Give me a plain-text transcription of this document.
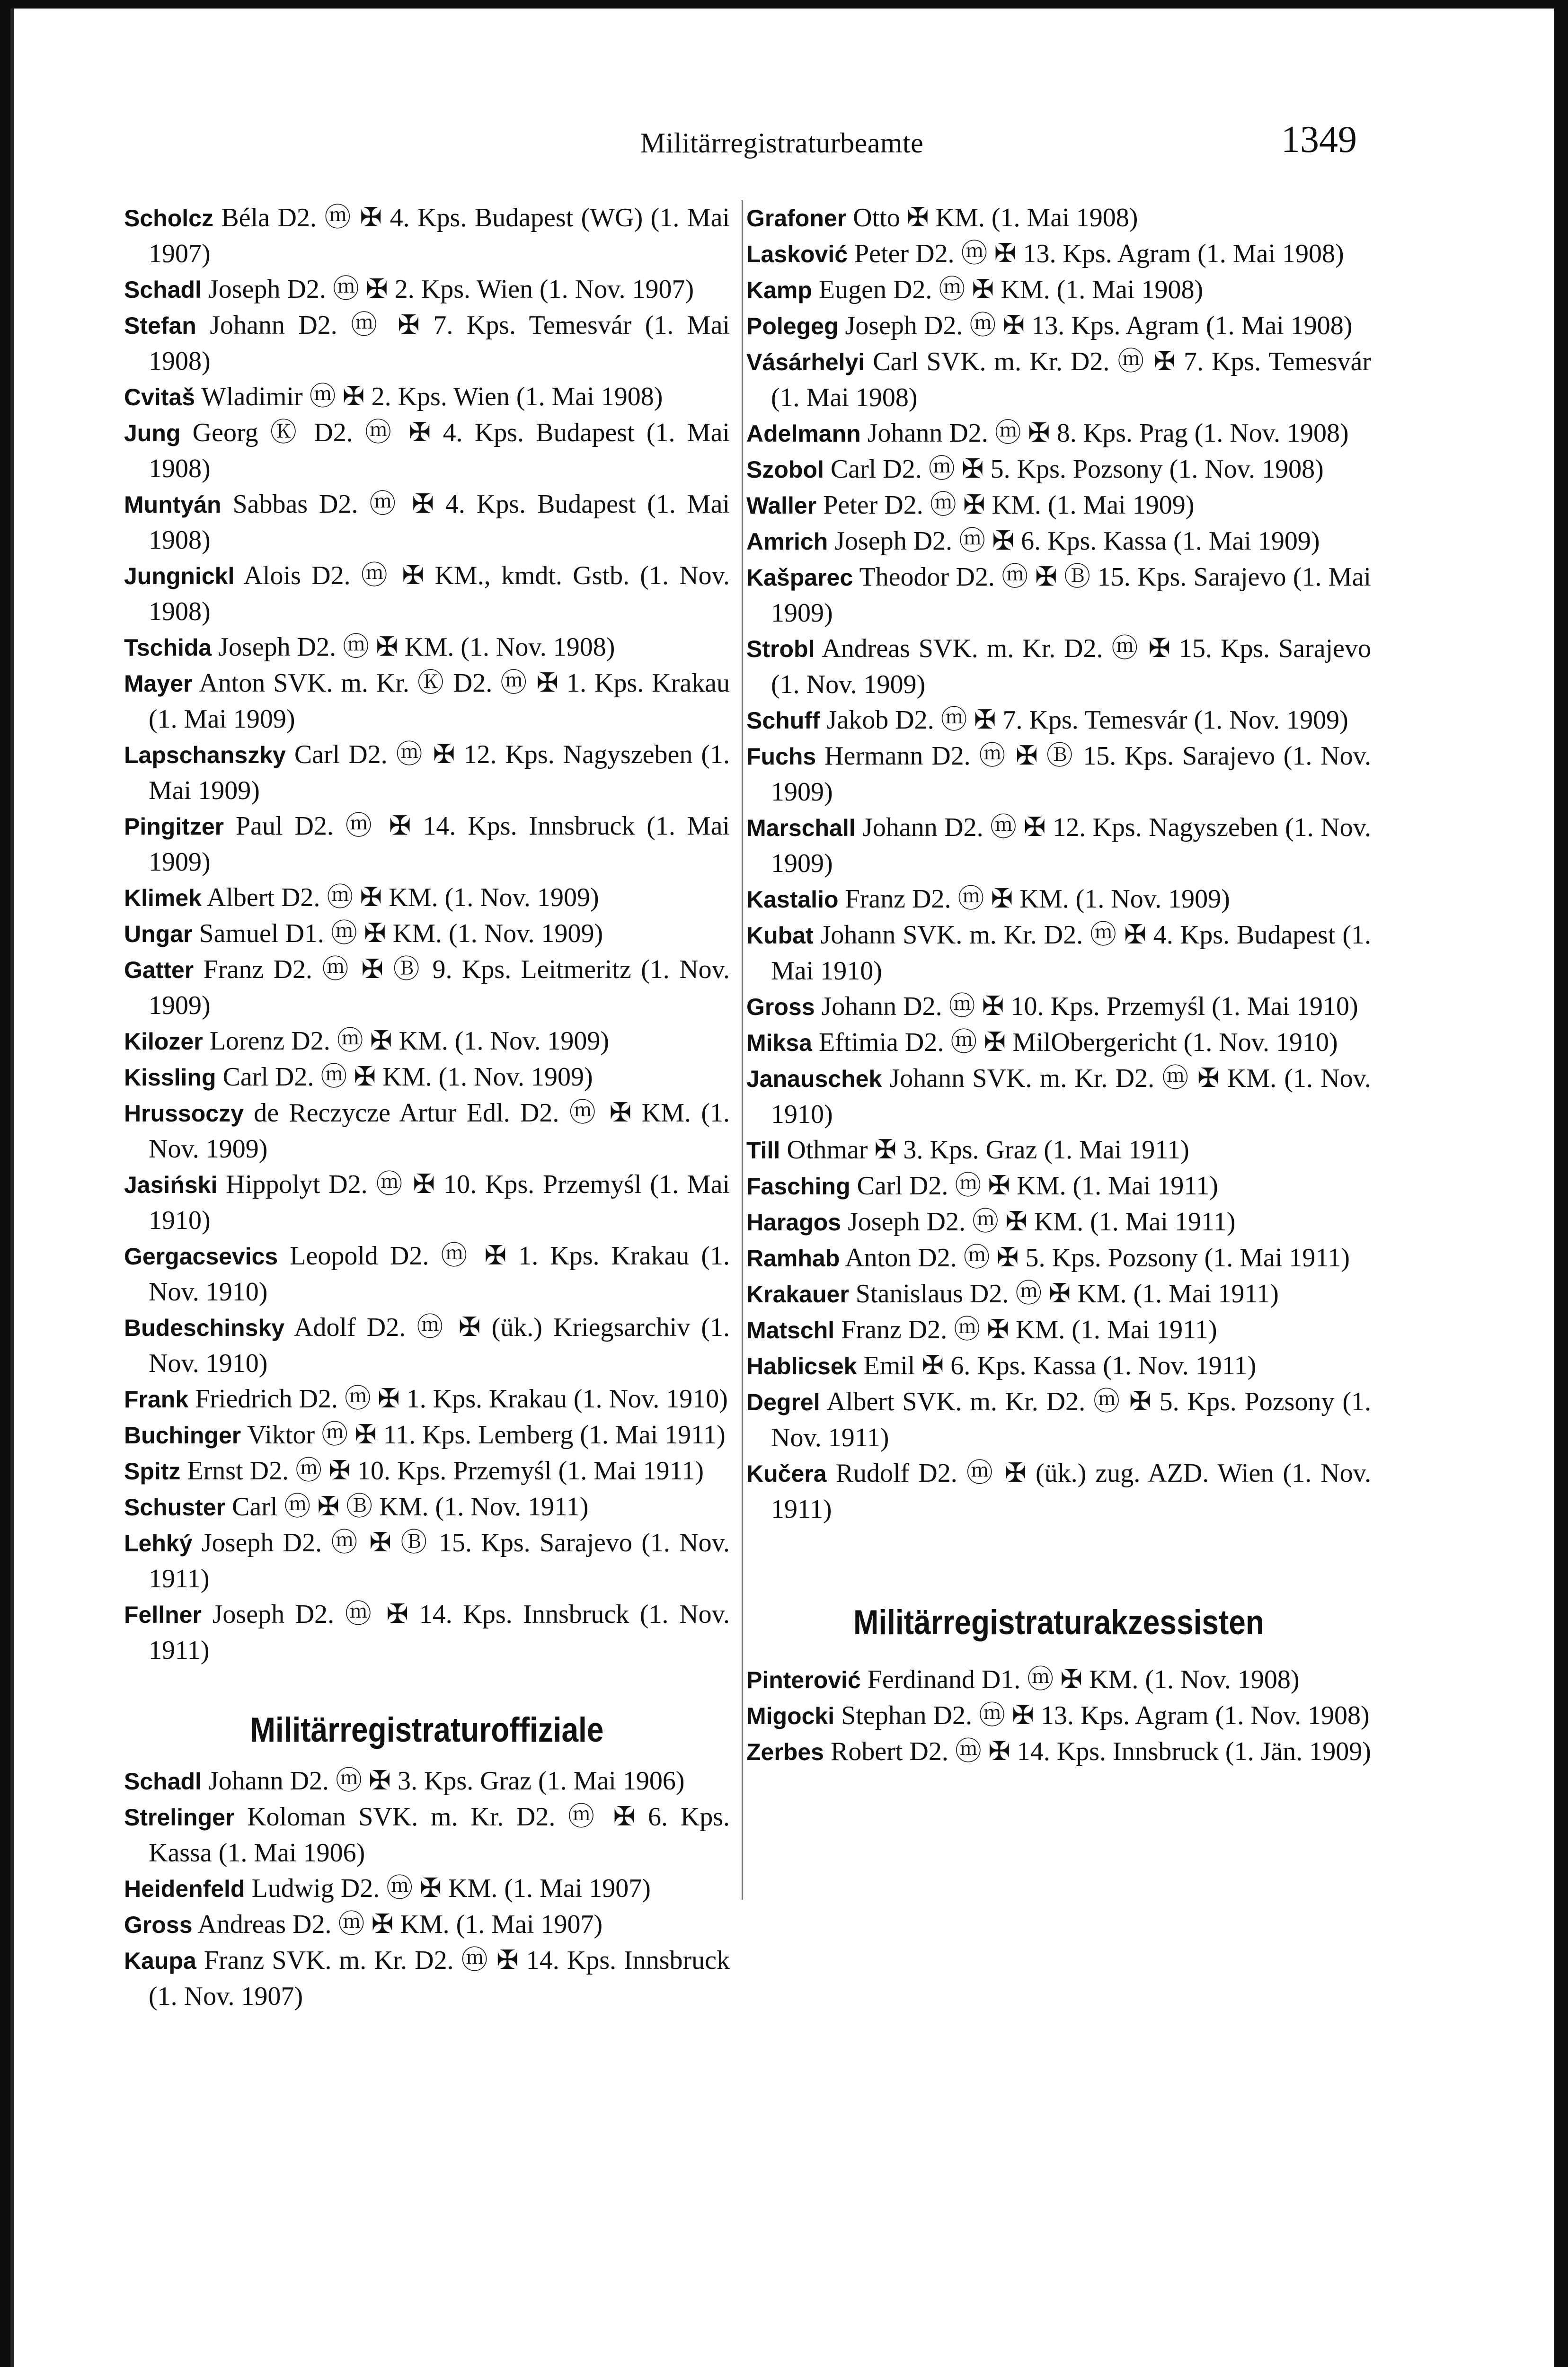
Militärregistraturbeamte	1349

Scholcz Béla D2. ⓜ ✠ 4. Kps. Budapest (WG) (1. Mai 1907)

Schadl Joseph D2. ⓜ ✠ 2. Kps. Wien (1. Nov. 1907)

Stefan Johann D2. ⓜ ✠ 7. Kps. Temesvár (1. Mai 1908)

Cvitaš Wladimir ⓜ ✠ 2. Kps. Wien (1. Mai 1908)

Jung Georg Ⓚ D2. ⓜ ✠ 4. Kps. Budapest (1. Mai 1908)

Muntyán Sabbas D2. ⓜ ✠ 4. Kps. Budapest (1. Mai 1908)

Jungnickl Alois D2. ⓜ ✠ KM., kmdt. Gstb. (1. Nov. 1908)

Tschida Joseph D2. ⓜ ✠ KM. (1. Nov. 1908)

Mayer Anton SVK. m. Kr. Ⓚ D2. ⓜ ✠ 1. Kps. Krakau (1. Mai 1909)

Lapschanszky Carl D2. ⓜ ✠ 12. Kps. Nagyszeben (1. Mai 1909)

Pingitzer Paul D2. ⓜ ✠ 14. Kps. Innsbruck (1. Mai 1909)

Klimek Albert D2. ⓜ ✠ KM. (1. Nov. 1909)

Ungar Samuel D1. ⓜ ✠ KM. (1. Nov. 1909)

Gatter Franz D2. ⓜ ✠ Ⓑ 9. Kps. Leitmeritz (1. Nov. 1909)

Kilozer Lorenz D2. ⓜ ✠ KM. (1. Nov. 1909)

Kissling Carl D2. ⓜ ✠ KM. (1. Nov. 1909)

Hrussoczy de Reczycze Artur Edl. D2. ⓜ ✠ KM. (1. Nov. 1909)

Jasiński Hippolyt D2. ⓜ ✠ 10. Kps. Przemyśl (1. Mai 1910)

Gergacsevics Leopold D2. ⓜ ✠ 1. Kps. Krakau (1. Nov. 1910)

Budeschinsky Adolf D2. ⓜ ✠ (ük.) Kriegsarchiv (1. Nov. 1910)

Frank Friedrich D2. ⓜ ✠ 1. Kps. Krakau (1. Nov. 1910)

Buchinger Viktor ⓜ ✠ 11. Kps. Lemberg (1. Mai 1911)

Spitz Ernst D2. ⓜ ✠ 10. Kps. Przemyśl (1. Mai 1911)

Schuster Carl ⓜ ✠ Ⓑ KM. (1. Nov. 1911)

Lehký Joseph D2. ⓜ ✠ Ⓑ 15. Kps. Sarajevo (1. Nov. 1911)

Fellner Joseph D2. ⓜ ✠ 14. Kps. Innsbruck (1. Nov. 1911)

Militärregistraturoffiziale

Schadl Johann D2. ⓜ ✠ 3. Kps. Graz (1. Mai 1906)

Strelinger Koloman SVK. m. Kr. D2. ⓜ ✠ 6. Kps. Kassa (1. Mai 1906)

Heidenfeld Ludwig D2. ⓜ ✠ KM. (1. Mai 1907)

Gross Andreas D2. ⓜ ✠ KM. (1. Mai 1907)

Kaupa Franz SVK. m. Kr. D2. ⓜ ✠ 14. Kps. Innsbruck (1. Nov. 1907)

Grafoner Otto ✠ KM. (1. Mai 1908)

Lasković Peter D2. ⓜ ✠ 13. Kps. Agram (1. Mai 1908)

Kamp Eugen D2. ⓜ ✠ KM. (1. Mai 1908)

Polegeg Joseph D2. ⓜ ✠ 13. Kps. Agram (1. Mai 1908)

Vásárhelyi Carl SVK. m. Kr. D2. ⓜ ✠ 7. Kps. Temesvár (1. Mai 1908)

Adelmann Johann D2. ⓜ ✠ 8. Kps. Prag (1. Nov. 1908)

Szobol Carl D2. ⓜ ✠ 5. Kps. Pozsony (1. Nov. 1908)

Waller Peter D2. ⓜ ✠ KM. (1. Mai 1909)

Amrich Joseph D2. ⓜ ✠ 6. Kps. Kassa (1. Mai 1909)

Kašparec Theodor D2. ⓜ ✠ Ⓑ 15. Kps. Sarajevo (1. Mai 1909)

Strobl Andreas SVK. m. Kr. D2. ⓜ ✠ 15. Kps. Sarajevo (1. Nov. 1909)

Schuff Jakob D2. ⓜ ✠ 7. Kps. Temesvár (1. Nov. 1909)

Fuchs Hermann D2. ⓜ ✠ Ⓑ 15. Kps. Sarajevo (1. Nov. 1909)

Marschall Johann D2. ⓜ ✠ 12. Kps. Nagyszeben (1. Nov. 1909)

Kastalio Franz D2. ⓜ ✠ KM. (1. Nov. 1909)

Kubat Johann SVK. m. Kr. D2. ⓜ ✠ 4. Kps. Budapest (1. Mai 1910)

Gross Johann D2. ⓜ ✠ 10. Kps. Przemyśl (1. Mai 1910)

Miksa Eftimia D2. ⓜ ✠ MilObergericht (1. Nov. 1910)

Janauschek Johann SVK. m. Kr. D2. ⓜ ✠ KM. (1. Nov. 1910)

Till Othmar ✠ 3. Kps. Graz (1. Mai 1911)

Fasching Carl D2. ⓜ ✠ KM. (1. Mai 1911)

Haragos Joseph D2. ⓜ ✠ KM. (1. Mai 1911)

Ramhab Anton D2. ⓜ ✠ 5. Kps. Pozsony (1. Mai 1911)

Krakauer Stanislaus D2. ⓜ ✠ KM. (1. Mai 1911)

Matschl Franz D2. ⓜ ✠ KM. (1. Mai 1911)

Hablicsek Emil ✠ 6. Kps. Kassa (1. Nov. 1911)

Degrel Albert SVK. m. Kr. D2. ⓜ ✠ 5. Kps. Pozsony (1. Nov. 1911)

Kučera Rudolf D2. ⓜ ✠ (ük.) zug. AZD. Wien (1. Nov. 1911)

Militärregistraturakzessisten

Pinterović Ferdinand D1. ⓜ ✠ KM. (1. Nov. 1908)

Migocki Stephan D2. ⓜ ✠ 13. Kps. Agram (1. Nov. 1908)

Zerbes Robert D2. ⓜ ✠ 14. Kps. Innsbruck (1. Jän. 1909)
